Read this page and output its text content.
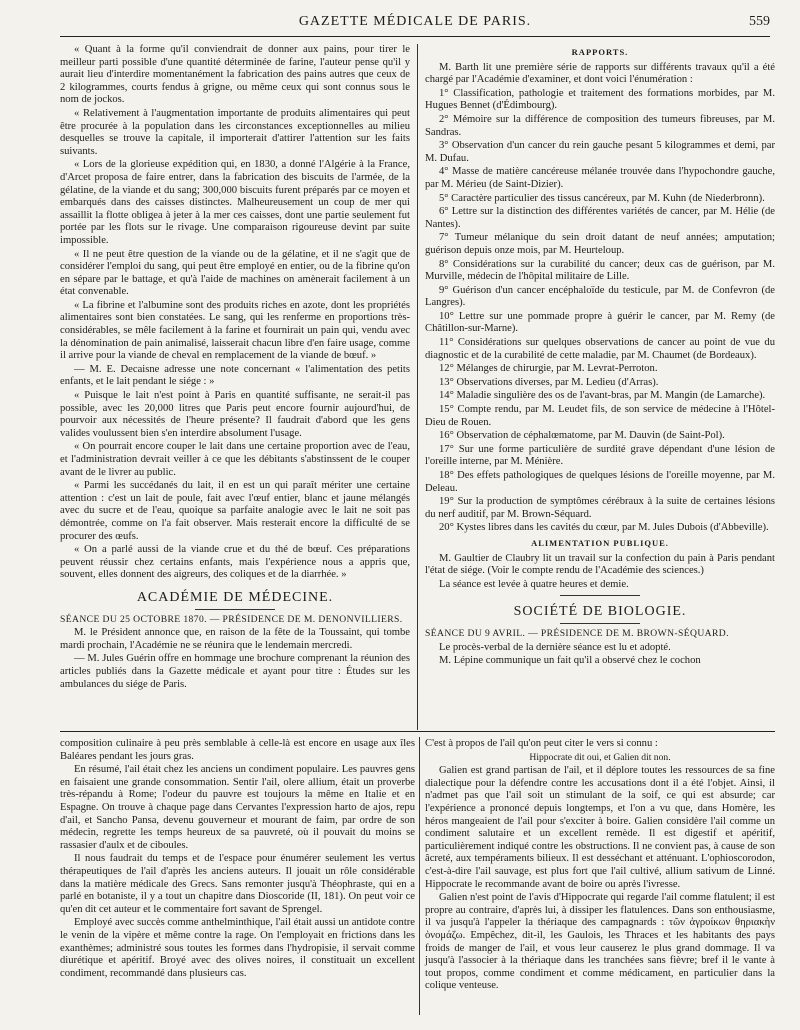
GAZETTE MÉDICALE DE PARIS.	559

« Quant à la forme qu'il conviendrait de donner aux pains, pour tirer le meilleur parti possible d'une quantité déterminée de farine, l'auteur pense qu'il y aurait lieu d'interdire momentanément la fabrication des pains autres que ceux de 2 kilogrammes, courts fendus à grigne, ou même ceux qui sont connus sous le nom de jockos.

« Relativement à l'augmentation importante de produits alimentaires qui peut être procurée à la population dans les circonstances exceptionnelles au milieu desquelles se trouve la capitale, il importerait d'attirer l'attention sur les faits suivants.

« Lors de la glorieuse expédition qui, en 1830, a donné l'Algérie à la France, d'Arcet proposa de faire entrer, dans la fabrication des biscuits de l'armée, de la gélatine, de la viande et du sang; 300,000 biscuits furent préparés par ce moyen et embarqués dans des caisses distinctes. Malheureusement un coup de mer qui assaillit la flotte obligea à jeter à la mer ces caisses, dont une partie seulement fut portée par les flots sur le rivage. Une comparaison rigoureuse devint par suite impossible.

« Il ne peut être question de la viande ou de la gélatine, et il ne s'agit que de considérer l'emploi du sang, qui peut être employé en entier, ou de la fibrine qu'on en sépare par le battage, et qu'à l'aide de machines on amènerait facilement à un état convenable.

« La fibrine et l'albumine sont des produits riches en azote, dont les propriétés alimentaires sont bien constatées. Le sang, qui les renferme en proportions très-considérables, se mêle facilement à la farine et fournirait un pain qui, vendu avec la dénomination de pain animalisé, laisserait chacun libre d'en faire usage, comme il arrive pour la viande de cheval en remplacement de la viande de bœuf. »

— M. E. Decaisne adresse une note concernant « l'alimentation des petits enfants, et le lait pendant le siége : »

« Puisque le lait n'est point à Paris en quantité suffisante, ne serait-il pas possible, avec les 20,000 litres que Paris peut encore fournir aujourd'hui, de pourvoir aux nécessités de l'heure présente? Il faudrait d'abord que les gens valides voulussent bien s'en interdire absolument l'usage.

« On pourrait encore couper le lait dans une certaine proportion avec de l'eau, et l'administration devrait veiller à ce que les débitants s'abstinssent de le couper avant de le livrer au public.

« Parmi les succédanés du lait, il en est un qui paraît mériter une certaine attention : c'est un lait de poule, fait avec l'œuf entier, blanc et jaune mélangés avec du sucre et de l'eau, quoique sa parfaite analogie avec le lait ne soit pas démontrée, comme on l'a fait observer. Mais resterait encore la difficulté de se procurer des œufs.

« On a parlé aussi de la viande crue et du thé de bœuf. Ces préparations peuvent réussir chez certains enfants, mais l'expérience nous a appris que, souvent, elles donnent des aigreurs, des coliques et de la diarrhée. »

ACADÉMIE DE MÉDECINE.

SÉANCE DU 25 OCTOBRE 1870. — PRÉSIDENCE DE M. DENONVILLIERS.

M. le Président annonce que, en raison de la fête de la Toussaint, qui tombe mardi prochain, l'Académie ne se réunira que le lendemain mercredi.

— M. Jules Guérin offre en hommage une brochure comprenant la réunion des articles publiés dans la Gazette médicale et ayant pour titre : Études sur les ambulances du siége de Paris.

RAPPORTS.

M. Barth lit une première série de rapports sur différents travaux qu'il a été chargé par l'Académie d'examiner, et dont voici l'énumération :

1° Classification, pathologie et traitement des formations morbides, par M. Hugues Bennet (d'Édimbourg).

2° Mémoire sur la différence de composition des tumeurs fibreuses, par M. Sandras.

3° Observation d'un cancer du rein gauche pesant 5 kilogrammes et demi, par M. Dufau.

4° Masse de matière cancéreuse mélanée trouvée dans l'hypochondre gauche, par M. Mérieu (de Saint-Dizier).

5° Caractère particulier des tissus cancéreux, par M. Kuhn (de Niederbronn).

6° Lettre sur la distinction des différentes variétés de cancer, par M. Hélie (de Nantes).

7° Tumeur mélanique du sein droit datant de neuf années; amputation; guérison depuis onze mois, par M. Heurteloup.

8° Considérations sur la curabilité du cancer; deux cas de guérison, par M. Murville, médecin de l'hôpital militaire de Lille.

9° Guérison d'un cancer encéphaloïde du testicule, par M. de Confevron (de Langres).

10° Lettre sur une pommade propre à guérir le cancer, par M. Remy (de Châtillon-sur-Marne).

11° Considérations sur quelques observations de cancer au point de vue du diagnostic et de la curabilité de cette maladie, par M. Chaumet (de Bordeaux).

12° Mélanges de chirurgie, par M. Levrat-Perroton.

13° Observations diverses, par M. Ledieu (d'Arras).

14° Maladie singulière des os de l'avant-bras, par M. Mangin (de Lamarche).

15° Compte rendu, par M. Leudet fils, de son service de médecine à l'Hôtel-Dieu de Rouen.

16° Observation de céphalœmatome, par M. Dauvin (de Saint-Pol).

17° Sur une forme particulière de surdité grave dépendant d'une lésion de l'oreille interne, par M. Ménière.

18° Des effets pathologiques de quelques lésions de l'oreille moyenne, par M. Deleau.

19° Sur la production de symptômes cérébraux à la suite de certaines lésions du nerf auditif, par M. Brown-Séquard.

20° Kystes libres dans les cavités du cœur, par M. Jules Dubois (d'Abbeville).

ALIMENTATION PUBLIQUE.

M. Gaultier de Claubry lit un travail sur la confection du pain à Paris pendant l'état de siége. (Voir le compte rendu de l'Académie des sciences.)

La séance est levée à quatre heures et demie.

SOCIÉTÉ DE BIOLOGIE.

SÉANCE DU 9 AVRIL. — PRÉSIDENCE DE M. BROWN-SÉQUARD.

Le procès-verbal de la dernière séance est lu et adopté.

M. Lépine communique un fait qu'il a observé chez le cochon

composition culinaire à peu près semblable à celle-là est encore en usage aux îles Baléares pendant les jours gras.

En résumé, l'ail était chez les anciens un condiment populaire. Les pauvres gens en faisaient une grande consommation. Sentir l'ail, olere allium, était un proverbe très-répandu à Rome; l'odeur du pauvre est toujours la même en Italie et en Espagne. On trouve à chaque page dans Cervantes l'expression harto de ajos, repu d'ail, et Sancho Pansa, devenu gouverneur et mourant de faim, par ordre de son médecin, regrette les temps heureux de sa pauvreté, où il pouvait du moins se rassasier d'aulx et de ciboules.

Il nous faudrait du temps et de l'espace pour énumérer seulement les vertus thérapeutiques de l'ail d'après les anciens auteurs. Il jouait un rôle considérable dans la matière médicale des Grecs. Sans remonter jusqu'à Théophraste, qui en a parlé en botaniste, il y a tout un chapitre dans Dioscoride (II, 181). On peut voir ce qu'en dit cet auteur et le commentaire fort savant de Sprengel.

Employé avec succès comme anthelminthique, l'ail était aussi un antidote contre le venin de la vipère et même contre la rage. On l'employait en frictions dans les exanthèmes; administré sous toutes les formes dans l'hydropisie, il servait comme diurétique et apéritif. Broyé avec des olives noires, il constituait un excellent condiment, recommandé dans plusieurs cas.

C'est à propos de l'ail qu'on peut citer le vers si connu :

Hippocrate dit oui, et Galien dit non.

Galien est grand partisan de l'ail, et il déplore toutes les ressources de sa fine dialectique pour la défendre contre les accusations dont il a été l'objet. Ainsi, il n'admet pas que l'ail soit un stimulant de la soif, ce qui est absurde; car l'expérience a prononcé depuis longtemps, et l'on a vu que, dans Homère, les héros mangeaient de l'ail pour s'exciter à boire. Galien considère l'ail comme un condiment salutaire et un excellent remède. Il est digestif et apéritif, particulièrement indiqué contre les obstructions. Il ne convient pas, à cause de son âcreté, aux tempéraments bilieux. Il est desséchant et atténuant. L'ophioscorodon, c'est-à-dire l'ail sauvage, est plus fort que l'ail cultivé, allium sativum de Linné. Hippocrate le recommande avant de boire ou après l'ivresse.

Galien n'est point de l'avis d'Hippocrate qui regarde l'ail comme flatulent; il est propre au contraire, d'après lui, à dissiper les flatulences. Dans son enthousiasme, il va jusqu'à l'appeler la thériaque des campagnards : τῶν ἀγροίκων θηριακὴν ὀνομάζω. Empêchez, dit-il, les Gaulois, les Thraces et les habitants des pays froids de manger de l'ail, et vous leur causerez le plus grand dommage. Il va jusqu'à l'associer à la thériaque dans les tranchées sans fièvre; bref il le vante à tout propos, comme condiment et comme médicament, en particulier dans la colique venteuse.
